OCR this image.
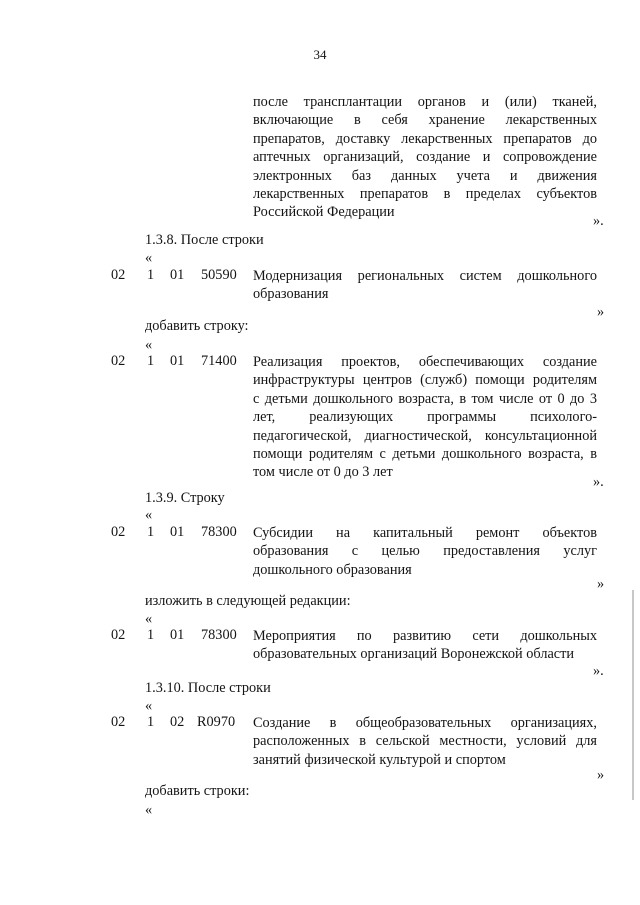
34
после трансплантации органов и (или) тканей,
включающие в себя хранение лекарственных
препаратов, доставку лекарственных препаратов до
аптечных организаций, создание и сопровождение
электронных баз данных учета и движения
лекарственных препаратов в пределах субъектов
Российской Федерации
».
1.3.8. После строки
«
02 1 01 50590 Модернизация региональных систем дошкольного
образования
»
добавить строку:
«
02 1 01 71400 Реализация проектов, обеспечивающих создание
инфраструктуры центров (служб) помощи родителям
с детьми дошкольного возраста, в том числе от 0 до 3
лет, реализующих программы психолого-
педагогической, диагностической, консультационной
помощи родителям с детьми дошкольного возраста, в
том числе от 0 до 3 лет
».
1.3.9. Строку
«
02 1 01 78300 Субсидии на капитальный ремонт объектов
образования с целью предоставления услуг
дошкольного образования
»
изложить в следующей редакции:
«
02 1 01 78300 Мероприятия по развитию сети дошкольных
образовательных организаций Воронежской области
».
1.3.10. После строки
«
02 1 02 R0970 Создание в общеобразовательных организациях,
расположенных в сельской местности, условий для
занятий физической культурой и спортом
»
добавить строки:
«
